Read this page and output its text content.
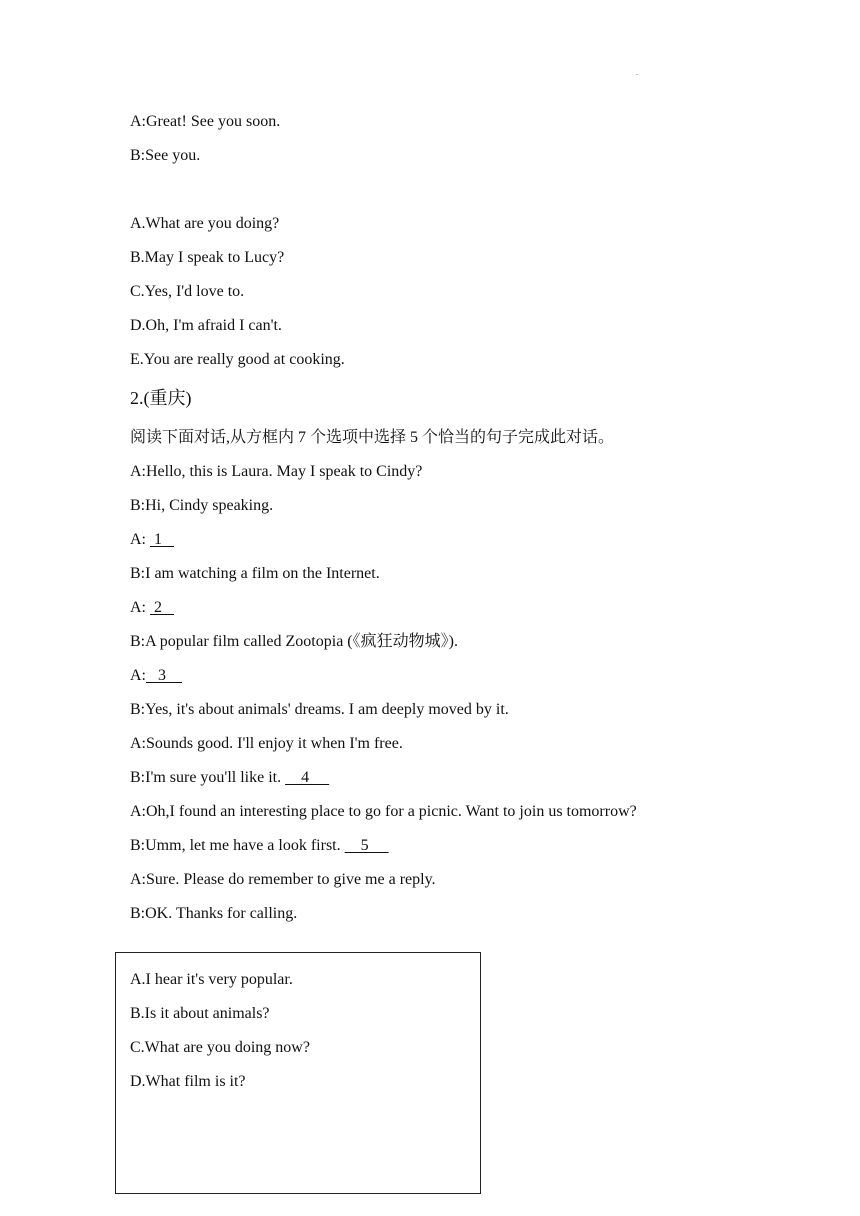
.
A:Great! See you soon.
B:See you.
A.What are you doing?
B.May I speak to Lucy?
C.Yes, I'd love to.
D.Oh, I'm afraid I can't.
E.You are really good at cooking.
2.(重庆)
阅读下面对话,从方框内 7 个选项中选择 5 个恰当的句子完成此对话。
A:Hello, this is Laura. May I speak to Cindy?
B:Hi, Cindy speaking.
A:  1
B:I am watching a film on the Internet.
A:  2
B:A popular film called Zootopia (《疯狂动物城》).
A:   3
B:Yes, it's about animals' dreams. I am deeply moved by it.
A:Sounds good. I'll enjoy it when I'm free.
B:I'm sure you'll like it.     4
A:Oh,I found an interesting place to go for a picnic. Want to join us tomorrow?
B:Umm, let me have a look first.     5
A:Sure. Please do remember to give me a reply.
B:OK. Thanks for calling.
A.I hear it's very popular.
B.Is it about animals?
C.What are you doing now?
D.What film is it?
